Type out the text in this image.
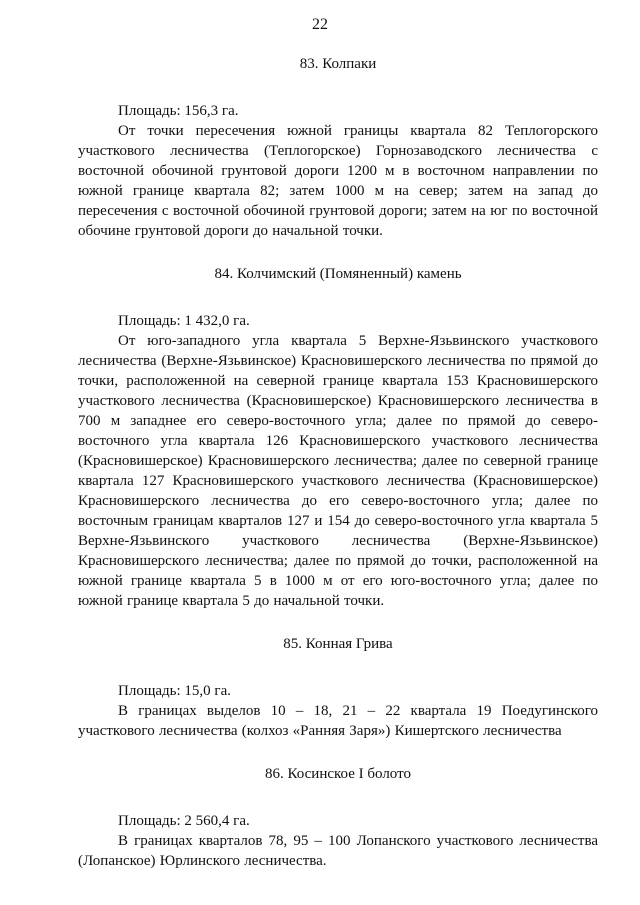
22
83. Колпаки
Площадь: 156,3 га.
От точки пересечения южной границы квартала 82 Теплогорского участкового лесничества (Теплогорское) Горнозаводского лесничества с восточной обочиной грунтовой дороги 1200 м в восточном направлении по южной границе квартала 82; затем 1000 м на север; затем на запад до пересечения с восточной обочиной грунтовой дороги; затем на юг по восточной обочине грунтовой дороги до начальной точки.
84. Колчимский (Помяненный) камень
Площадь: 1 432,0 га.
От юго-западного угла квартала 5 Верхне-Язьвинского участкового лесничества (Верхне-Язьвинское) Красновишерского лесничества по прямой до точки, расположенной на северной границе квартала 153 Красновишерского участкового лесничества (Красновишерское) Красновишерского лесничества в 700 м западнее его северо-восточного угла; далее по прямой до северо-восточного угла квартала 126 Красновишерского участкового лесничества (Красновишерское) Красновишерского лесничества; далее по северной границе квартала 127 Красновишерского участкового лесничества (Красновишерское) Красновишерского лесничества до его северо-восточного угла; далее по восточным границам кварталов 127 и 154 до северо-восточного угла квартала 5 Верхне-Язьвинского участкового лесничества (Верхне-Язьвинское) Красновишерского лесничества; далее по прямой до точки, расположенной на южной границе квартала 5 в 1000 м от его юго-восточного угла; далее по южной границе квартала 5 до начальной точки.
85. Конная Грива
Площадь: 15,0 га.
В границах выделов 10 – 18, 21 – 22 квартала 19 Поедугинского участкового лесничества (колхоз «Ранняя Заря») Кишертского лесничества
86. Косинское I болото
Площадь: 2 560,4 га.
В границах кварталов 78, 95 – 100 Лопанского участкового лесничества (Лопанское) Юрлинского лесничества.
